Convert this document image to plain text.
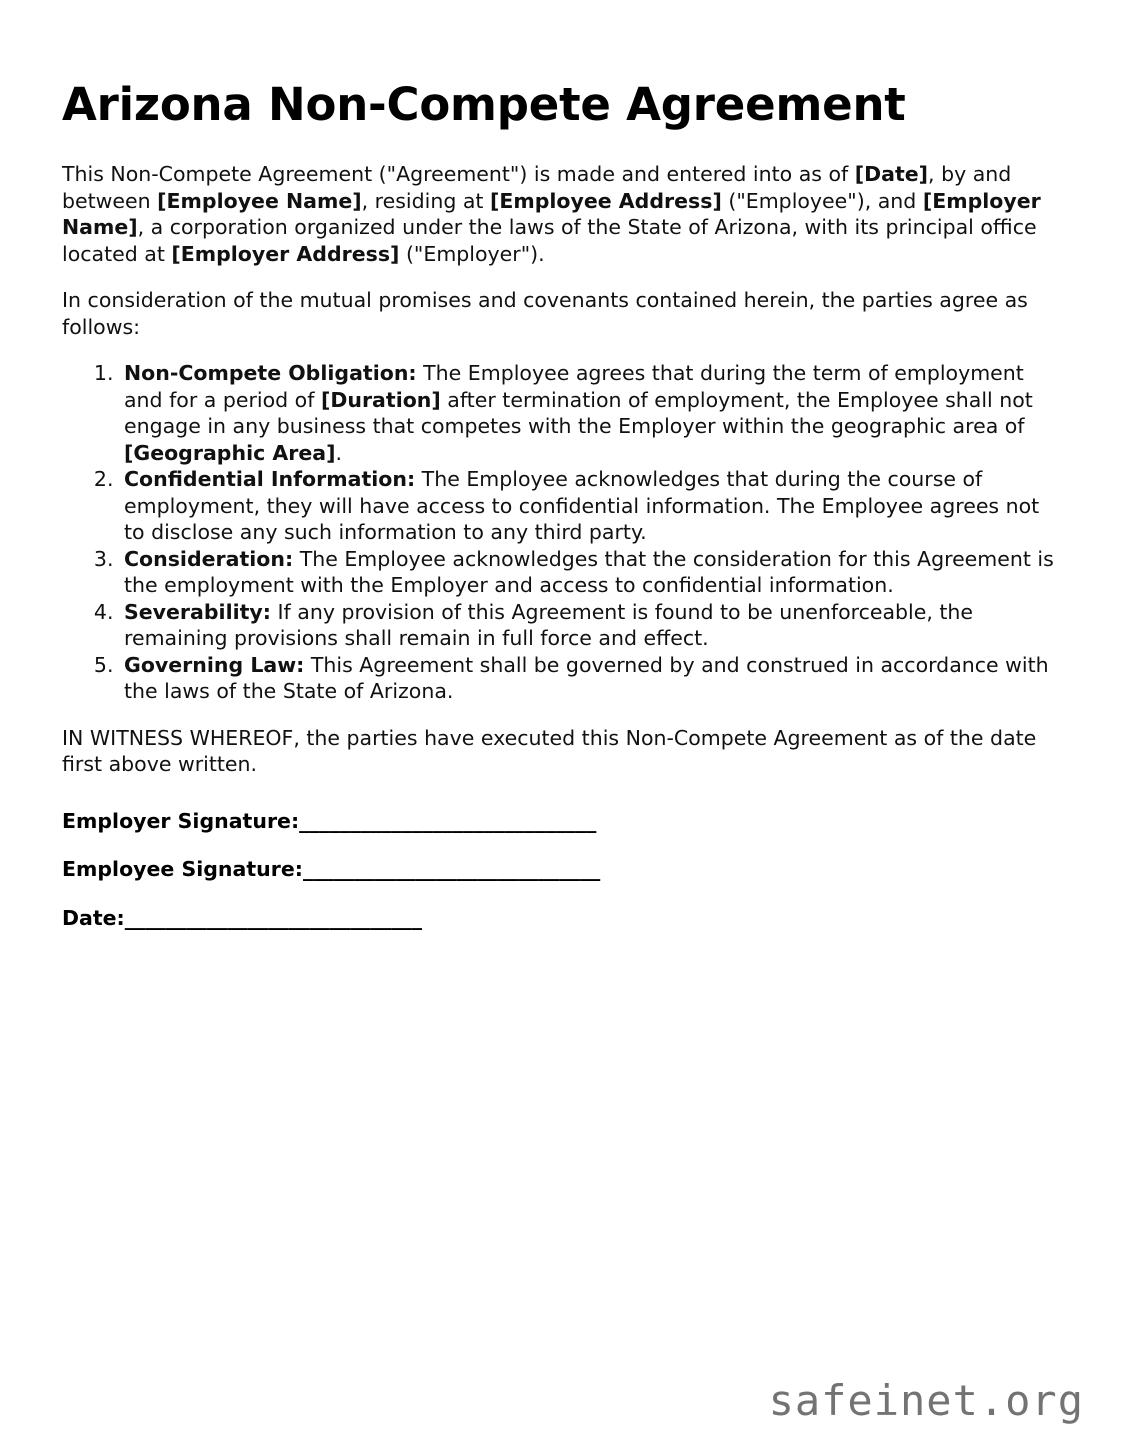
Arizona Non-Compete Agreement

This Non-Compete Agreement ("Agreement") is made and entered into as of [Date], by and between [Employee Name], residing at [Employee Address] ("Employee"), and [Employer Name], a corporation organized under the laws of the State of Arizona, with its principal office located at [Employer Address] ("Employer").

In consideration of the mutual promises and covenants contained herein, the parties agree as follows:

1. Non-Compete Obligation: The Employee agrees that during the term of employment and for a period of [Duration] after termination of employment, the Employee shall not engage in any business that competes with the Employer within the geographic area of [Geographic Area].
2. Confidential Information: The Employee acknowledges that during the course of employment, they will have access to confidential information. The Employee agrees not to disclose any such information to any third party.
3. Consideration: The Employee acknowledges that the consideration for this Agreement is the employment with the Employer and access to confidential information.
4. Severability: If any provision of this Agreement is found to be unenforceable, the remaining provisions shall remain in full force and effect.
5. Governing Law: This Agreement shall be governed by and construed in accordance with the laws of the State of Arizona.

IN WITNESS WHEREOF, the parties have executed this Non-Compete Agreement as of the date first above written.

Employer Signature:_____________________________
Employee Signature:_____________________________
Date:_____________________________
safeinet.org
